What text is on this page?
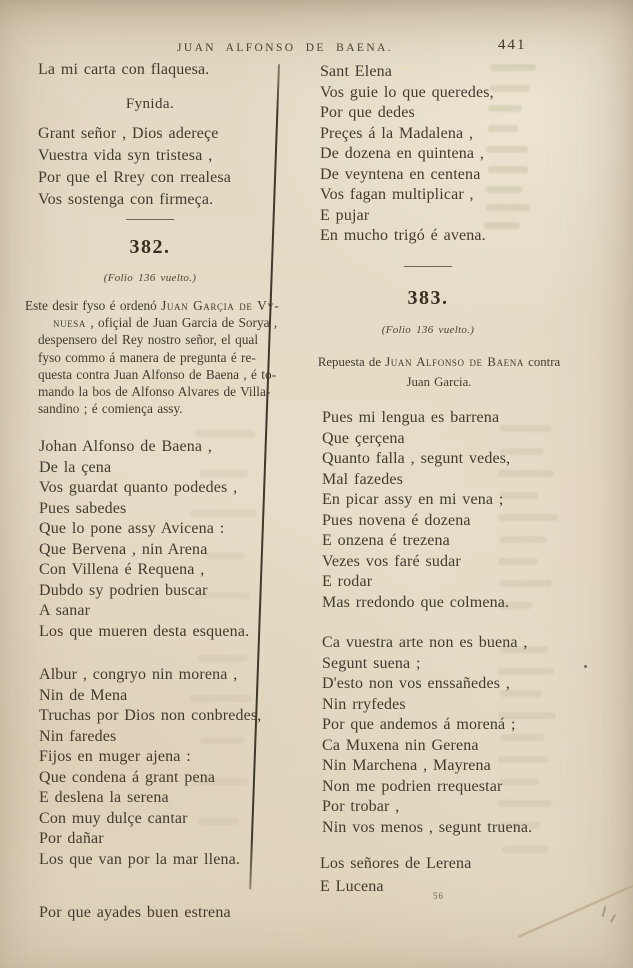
JUAN ALFONSO DE BAENA.	441
La mi carta con flaquesa.
Fynida.
Grant señor , Dios adereçe
Vuestra vida syn tristesa ,
Por que el Rrey con rrealesa
Vos sostenga con firmeça.
382.
(Folio 136 vuelto.)
Este desir fyso é ordenó Juan Garçia de Vy-
nuesa , ofiçial de Juan Garcia de Sorya ,
despensero del Rey nostro señor, el qual
fyso commo á manera de pregunta é re-
questa contra Juan Alfonso de Baena , é to-
mando la bos de Alfonso Alvares de Villa-
sandino ; é comiença assy.
Johan Alfonso de Baena ,
De la çena
Vos guardat quanto podedes ,
Pues sabedes
Que lo pone assy Avicena :
Que Bervena , nin Arena
Con Villena é Requena ,
Dubdo sy podrien buscar
A sanar
Los que mueren desta esquena.
Albur , congryo nin morena ,
Nin de Mena
Truchas por Dios non conbredes,
Nin faredes
Fijos en muger ajena :
Que condena á grant pena
E deslena la serena
Con muy dulçe cantar
Por dañar
Los que van por la mar llena.
Por que ayades buen estrena
Sant Elena
Vos guie lo que queredes,
Por que dedes
Preçes á la Madalena ,
De dozena en quintena ,
De veyntena en centena
Vos fagan multiplicar ,
E pujar
En mucho trigó é avena.
383.
(Folio 136 vuelto.)
Repuesta de Juan Alfonso de Baena contra
Juan Garcia.
Pues mi lengua es barrena
Que çerçena
Quanto falla , segunt vedes,
Mal fazedes
En picar assy en mi vena ;
Pues novena é dozena
E onzena é trezena
Vezes vos faré sudar
E rodar
Mas rredondo que colmena.
Ca vuestra arte non es buena ,
Segunt suena ;
D'esto non vos enssañedes ,
Nin rryfedes
Por que andemos á morená ;
Ca Muxena nin Gerena
Nin Marchena , Mayrena
Non me podrien rrequestar
Por trobar ,
Nin vos menos , segunt truena.
Los señores de Lerena
E Lucena
56
